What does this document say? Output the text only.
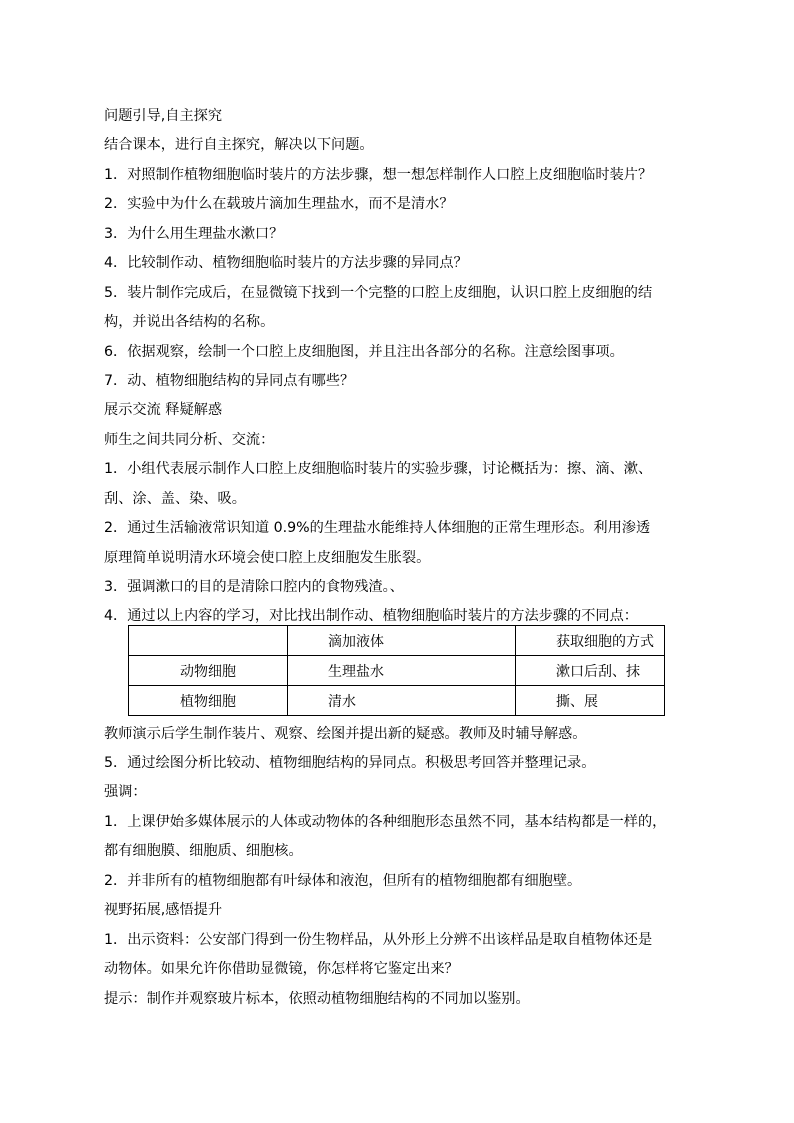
问题引导,自主探究
结合课本，进行自主探究，解决以下问题。
1．对照制作植物细胞临时装片的方法步骤，想一想怎样制作人口腔上皮细胞临时装片？
2．实验中为什么在载玻片滴加生理盐水，而不是清水？
3．为什么用生理盐水漱口？
4．比较制作动、植物细胞临时装片的方法步骤的异同点？
5．装片制作完成后，在显微镜下找到一个完整的口腔上皮细胞，认识口腔上皮细胞的结
构，并说出各结构的名称。
6．依据观察，绘制一个口腔上皮细胞图，并且注出各部分的名称。注意绘图事项。
7．动、植物细胞结构的异同点有哪些？
展示交流 释疑解惑
师生之间共同分析、交流：
1．小组代表展示制作人口腔上皮细胞临时装片的实验步骤，讨论概括为：擦、滴、漱、
刮、涂、盖、染、吸。
2．通过生活输液常识知道 0.9%的生理盐水能维持人体细胞的正常生理形态。利用渗透
原理简单说明清水环境会使口腔上皮细胞发生胀裂。
3．强调漱口的目的是清除口腔内的食物残渣。、
4．通过以上内容的学习，对比找出制作动、植物细胞临时装片的方法步骤的不同点：
	滴加液体	获取细胞的方式
动物细胞	生理盐水	漱口后刮、抹
植物细胞	清水	撕、展
教师演示后学生制作装片、观察、绘图并提出新的疑惑。教师及时辅导解惑。
5．通过绘图分析比较动、植物细胞结构的异同点。积极思考回答并整理记录。
强调：
1．上课伊始多媒体展示的人体或动物体的各种细胞形态虽然不同，基本结构都是一样的，
都有细胞膜、细胞质、细胞核。
2．并非所有的植物细胞都有叶绿体和液泡，但所有的植物细胞都有细胞壁。
视野拓展,感悟提升
1．出示资料：公安部门得到一份生物样品，从外形上分辨不出该样品是取自植物体还是
动物体。如果允许你借助显微镜，你怎样将它鉴定出来？
提示：制作并观察玻片标本，依照动植物细胞结构的不同加以鉴别。
